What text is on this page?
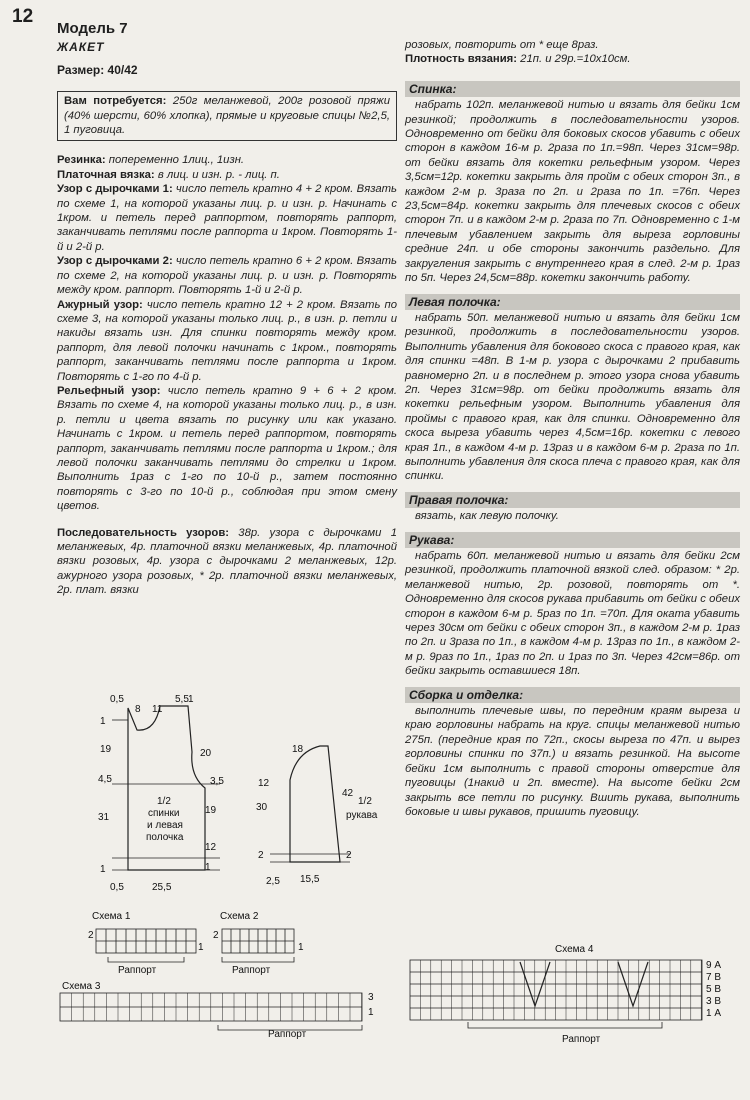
12
Модель 7
ЖАКЕТ
Размер: 40/42

Вам потребуется: 250г меланжевой, 200г розовой пряжи (40% шерсти, 60% хлопка), прямые и круговые спицы №2,5, 1 пуговица.

Резинка: попеременно 1лиц., 1изн.

Платочная вязка: в лиц. и изн. р. - лиц. п.

Узор с дырочками 1: число петель кратно 4 + 2 кром. Вязать по схеме 1, на которой указаны лиц. р. и изн. р. Начинать с 1кром. и петель перед раппортом, повторять раппорт, заканчивать петлями после раппорта и 1кром. Повторять 1-й и 2-й р.

Узор с дырочками 2: число петель кратно 6 + 2 кром. Вязать по схеме 2, на которой указаны лиц. р. и изн. р. Повторять между кром. раппорт. Повторять 1-й и 2-й р.

Ажурный узор: число петель кратно 12 + 2 кром. Вязать по схеме 3, на которой указаны только лиц. р., в изн. р. петли и накиды вязать изн. Для спинки повторять между кром. раппорт, для левой полочки начинать с 1кром., повторять раппорт, заканчивать петлями после раппорта и 1кром. Повторять с 1-го по 4-й р.

Рельефный узор: число петель кратно 9 + 6 + 2 кром. Вязать по схеме 4, на которой указаны только лиц. р., в изн. р. петли и цвета вязать по рисунку или как указано. Начинать с 1кром. и петель перед раппортом, повторять раппорт, заканчивать петлями после раппорта и 1кром.; для левой полочки заканчивать петлями до стрелки и 1кром. Выполнить 1раз с 1-го по 10-й р., затем постоянно повторять с 3-го по 10-й р., соблюдая при этом смену цветов.

Последовательность узоров: 38р. узора с дырочками 1 меланжевых, 4р. платочной вязки меланжевых, 4р. платочной вязки розовых, 4р. узора с дырочками 2 меланжевых, 12р. ажурного узора розовых, * 2р. платочной вязки меланжевых, 2р. плат. вязки

розовых, повторить от * еще 8раз.

Плотность вязания: 21п. и 29р.=10x10см.

Спинка:

набрать 102п. меланжевой нитью и вязать для бейки 1см резинкой; продолжить в последовательности узоров. Одновременно от бейки для боковых скосов убавить с обеих сторон в каждом 16-м р. 2раза по 1п.=98п. Через 31см=98р. от бейки вязать для кокетки рельефным узором. Через 3,5см=12р. кокетки закрыть для пройм с обеих сторон 3п., в каждом 2-м р. 3раза по 2п. и 2раза по 1п. =76п. Через 23,5см=84р. кокетки закрыть для плечевых скосов с обеих сторон 7п. и в каждом 2-м р. 2раза по 7п. Одновременно с 1-м плечевым убавлением закрыть для выреза горловины средние 24п. и обе стороны закончить раздельно. Для закругления закрыть с внутреннего края в след. 2-м р. 1раз по 5п. Через 24,5см=88р. кокетки закончить работу.

Левая полочка:

набрать 50п. меланжевой нитью и вязать для бейки 1см резинкой, продолжить в последовательности узоров. Выполнить убавления для бокового скоса с правого края, как для спинки =48п. В 1-м р. узора с дырочками 2 прибавить равномерно 2п. и в последнем р. этого узора снова убавить 2п. Через 31см=98р. от бейки продолжить вязать для кокетки рельефным узором. Выполнить убавления для проймы с правого края, как для спинки. Одновременно для скоса выреза убавить через 4,5см=16р. кокетки с левого края 1п., в каждом 4-м р. 13раз и в каждом 6-м р. 2раза по 1п. выполнить убавления для скоса плеча с правого края, как для спинки.

Правая полочка:

вязать, как левую полочку.

Рукава:

набрать 60п. меланжевой нитью и вязать для бейки 2см резинкой, продолжить платочной вязкой след. образом: * 2р. меланжевой нитью, 2р. розовой, повторять от *. Одновременно для скосов рукава прибавить от бейки с обеих сторон в каждом 6-м р. 5раз по 1п. =70п. Для оката убавить через 30см от бейки с обеих сторон 3п., в каждом 2-м р. 1раз по 2п. и 3раза по 1п., в каждом 4-м р. 13раз по 1п., в каждом 2-м р. 9раз по 1п., 1раз по 2п. и 1раз по 3п. Через 42см=86р. от бейки закрыть оставшиеся 18п.

Сборка и отделка:

выполнить плечевые швы, по передним краям выреза и краю горловины набрать на круг. спицы меланжевой нитью 275п. (передние края по 72п., скосы выреза по 47п. и вырез горловины спинки по 37п.) и вязать резинкой. На высоте бейки 1см выполнить с правой стороны отверстие для пуговицы (1накид и 2п. вместе). На высоте бейки 2см закрыть все петли по рисунку. Вшить рукава, выполнить боковые и швы рукавов, пришить пуговицу.

0,5
8 11
5,5 1
1
19
4,5
31
1
20
3,5
19
12
1
0,5	25,5
1/2
спинки
и левая
полочка
18
12
30
2
42
2
2,5 15,5
1/2
рукава
Схема 1
2
1
Раппорт
Схема 2
2
1
Раппорт
Схема 3
3
1
Раппорт
Схема 4
9 А
7 В
5 В
3 В
1 А
Раппорт
